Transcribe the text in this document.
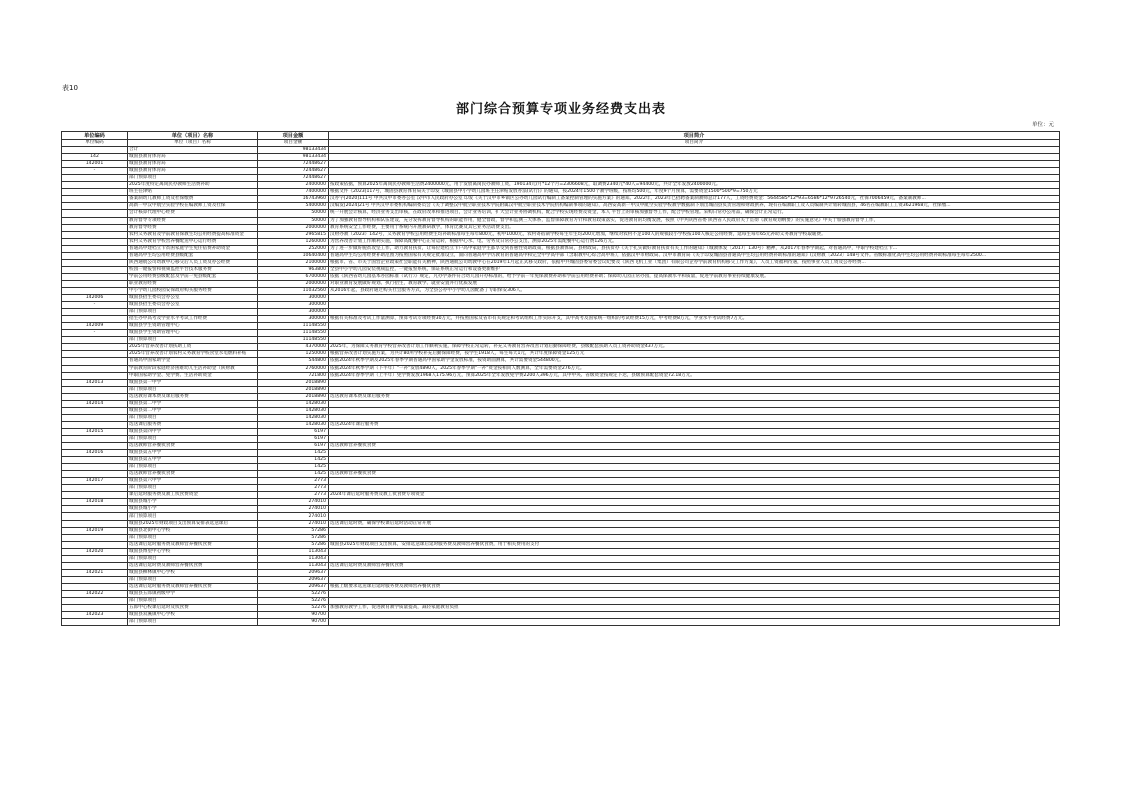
表10
部门综合预算专项业务经费支出表
单位：元
单位编码	单位（项目）名称	项目金额	项目简介
单位编码	单位（项目）名称	项目金额	项目简介
	合计	98133434	
142	城固县教育体育局	98133434	
142001	城固县教育体育局	72448627	
-	城固县教育体育局	72448627	
	部门预算项目	72448627	
	2025年度特定离岗民办教师生活费补助	2400000	按政策依据，预算2025年离岗民办教师生活费2400000元，用于发放离岗民办教师工资，190134元/月*12个月=2306608元，取调费2340元*40人=94400元，共计全年发放2400000元。
	班主任津贴	7400000	根据文件《2023]117号，城固县教育体育局关于印发《城固县中小学幼儿园班主任津贴发放办法(试行)》的通知，按2024年1500个教学班级，按班均500元，年度9个月预算，需要资金1500*500*9=750万元
	备案制幼儿教师工资及社保缴费	16743960	汉办字[2020]111号 中共汉中市委办公室 汉中市人民政府办公室 印发《关于汉中市乡镇区公办幼儿园试行编制工备案控制管理的实施方案》的通知。2022年，2023年已招聘备案制教师总计177人，工资经费资金：5644585*12*93=6586*12*9726540元，社保7006459元，备案制教师...
	高新一中汉中航空实验学校在编教师工资及社保	5400000	汉编发[2024]21号 中共汉中市委机构编制委员会《关于调整汉中航空职业技术学院附属汉中航空职业技术学院机构编制事项的通知》，高西安高新一中汉中航空实验学校教学数据制下划出城固县负责管理和财政供养，现有在编教职工及人员编制共计划转城固县，46名在编教职工工资3621968元，社保缴...
	会计核算代理中心经费	50000	统一开展会计核算，经济业务支出审核，在政府改革和推进项目，会计业务培训，扩大会计业务协调机构，配合学校实现经费及资金，本人 平台上的审核加强督导工作，配合学校管理。采购日常办公用品，确保会计正常运行。
	教育督导专项经费	50000	为了加强教育督导机构和队伍建设，充分发挥教育督导机构的职能作用，健全督政，督学和监测三大体系，监督保障教育方针和教育政策落实，促进教育的均衡发展，按照《中共陕西省委 陕西省人民政府关于贯彻《教育规划纲要》的实施意见》中关于加强教育督导工作，
	教育督导经费	2000000	教育系统安全工作经费，主要用于系统内开展教研教学，体育比赛及其它业务活动费支出。
	农村义务教育及学前教育保教生均公用经费提高标准资金	2965815	汉财办教（2023）142号，义务教育学校公用经费生均补助标准每生每年800元，初中1000元，农村寄宿制学校每生年生均200元增加，继续对农村不足100人的规模较小学校按100人核定公用经费，延每生每年65元补助义务教育学校取暖费。
	农村义务教育学校营养餐配送中心运行经费	1260000	为营养改善计划工作顺利实施，保障高配餐中心正常运转，根据中心水、电、劳务及日常办公支出，测算2025年需配餐中心运行费126万元。
	普通高中建档立卡贫困家庭学生免住宿费补助资金	252000	为了进一步做好脱贫攻坚工作，助力教育扶贫，让每位建档立卡户高中家庭学生都享受到普惠性资助政策，根据县教体局，县财政局，县扶贫办《关于扎实做好教育扶贫有关工作的通知》（城教体发〔2017〕130号）精神，从2017年春季学期起，对普通高中，中职学校建档立卡...
	普通高中生均公用经费县级配套	10640400	普通高中生均公用经费补助范围为按照国家有关规定批准设立，面向普通高中学历教育的普通高中和完全中学高中部（含职教中心综合高中班），依据汉中市财政局、汉中市教育局《关于印发城固县普通高中生均公用经费补助标准的通知》(汉财教〔2023〕148号文件。省级标准化高中生均公用经费补助标准每生每年2500...
	陕西通航公司幼教中心移交后人员工资及办公经费	2100000	根据市、省、市关于国营企业政策社会职能有关精神，陕西通航公司幼教中心在2019年1月起正式移交政府，依据中共城固县委常委会议纪要及《陕西飞机工业（集团）有限公司企办学前教育机构移交工作方案》，人员工资福利待遇，按照事业人员工资及公办经费...
	校园一键报警和视频监控平台技术服务费	963800	全县中小学幼儿园安装视频监控，一键报警系统，保证系统正常运行和设备更新维护
	学前公用经费县级配套及学前一免县级配套	6700000	依据《陕西省幼儿园基本办园标准（试行）》规定，凡办学条件符合幼儿园开办标准的，给予学前一年免保教费补助和学前公用经费补助；保障幼儿园正常办园，提高保教水平和质量，促进学前教育事业持续健康发展。
	职业教育经费	2000000	对职业教育发展做好规划、执行招生，教育教学、就业安置并行优质发展
	中小学幼儿园校园安保政府购买服务经费	11032560	从2016年起，县政府通过购买社会服务方式，为全县公办中小学幼儿园配备了专职保安306人。
142006	城固县招生委员会办公室	300000	
-	城固县招生委员会办公室	300000	
	部门预算项目	300000	
	招生办中高考及学业水平考试工作经费	300000	根据有关标准及考试工作量测算，预算考试专项经费30万元，并按照国家及省市有关规定和考试组织工作实际开支，其中高考及国家统一组织的考试经费15万元，中考经费8万元，学业水平考试经费7万元。
142009	城固县学生资助管理中心	11148550	
-	城固县学生资助管理中心	11148550	
	部门预算项目	11148550	
	2025年营养改善计划扶助工资	4370000	2025年，为保障义务教育学校营养改善计划工作顺利实施，保障学校正常运转，补充义务教育营养改善计划后勤保障经费，县级配套扶助人员工资补助资金437万元。
	2025年营养改善计划农村义务教育学校食堂水电燃料补贴	1250000	根据营养改善计划实施方案，为共计80所学校补充后勤保障经费，按学生1918人，每生每天1元，共计年度保障资金125万元
	普通高中国家助学金	544800	依据2024年秋季学期及2025年春季学期普通高中国家助学金发放标准，按资助面测算，共计需要资金544800元。
	学前教育阶段家庭经济困难幼儿生活补助金（陕财教	2760000	依据2024年秋季学期（下半年）"一补"发放4890人，2025年春季学期"一补"资金按相同人数测算，全年需要资金276万元。
	中职国家助学金、免学费、生活补助资金	721800	依据2024年春季学期（上半年）免学费发放1968人175.96万元，预算2025年全年发放免学费2200人396万元，其中中央、省级资金按规定下达，县级预算配套资金72.18万元。
142013	城固县第一中学	2018890	
	部门预算项目	2018890	
	选送教育课本费及课后服务费	2018890	选送教育课本费及课后服务费
142014	城固县第二中学	1428030	
	城固县第二中学	1428030	
	部门预算项目	1428030	
	选送课后服务费	1428030	选送2024年课后服务费
142015	城固县第四中学	6197	
	部门预算项目	6197	
	选送教师营养餐伙食费	6197	选送教师营养餐伙食费
142016	城固县第五中学	1425	
	城固县第五中学	1425	
	部门预算项目	1425	
	选送教师营养餐伙食费	1425	选送教师营养餐伙食费
142017	城固县第六中学	2773	
	部门预算项目	2773	
	课后延时服务费及教工伙食费资金	2773	2024年课后延时服务费及教工伙食费专项资金
142018	城固县城小学	274010	
	城固县城小学	274010	
	部门预算项目	274010	
	城固县2025年财政项目支出预算安排表选送课后	274010	选送课后延时费，确保学校课后延时活动正常开展
142019	城固县北街中心学校	57286	
	部门预算项目	57286	
	选送课后延时服务费及教师营养餐伙食费	57286	城固县2025年财政项目支出预算，安排选送课后延时服务费及教师营养餐伙食费，用于相关费用的支付
142020	城固县博望中心学校	113043	
	部门预算项目	113043	
	选送课后延时费及教师营养餐伙食费	113043	选送课后延时费及教师营养餐伙食费
142021	城固县柳林镇中心学校	209637	
	部门预算项目	209637	
	选送课后延时服务费及教师营养餐伙食费	209637	根据上级要求选送课后延时服务费及教师营养餐伙食费
142022	城固县五郎镇初级中学	52276	
	部门预算项目	52276	
	五郎中心校课后延时及伙食费	52276	加强教育教学工作，促进教育教学质量提高，减轻家庭教育负担
142023	城固县双溪镇中心学校	90700	
	部门预算项目	90700	
